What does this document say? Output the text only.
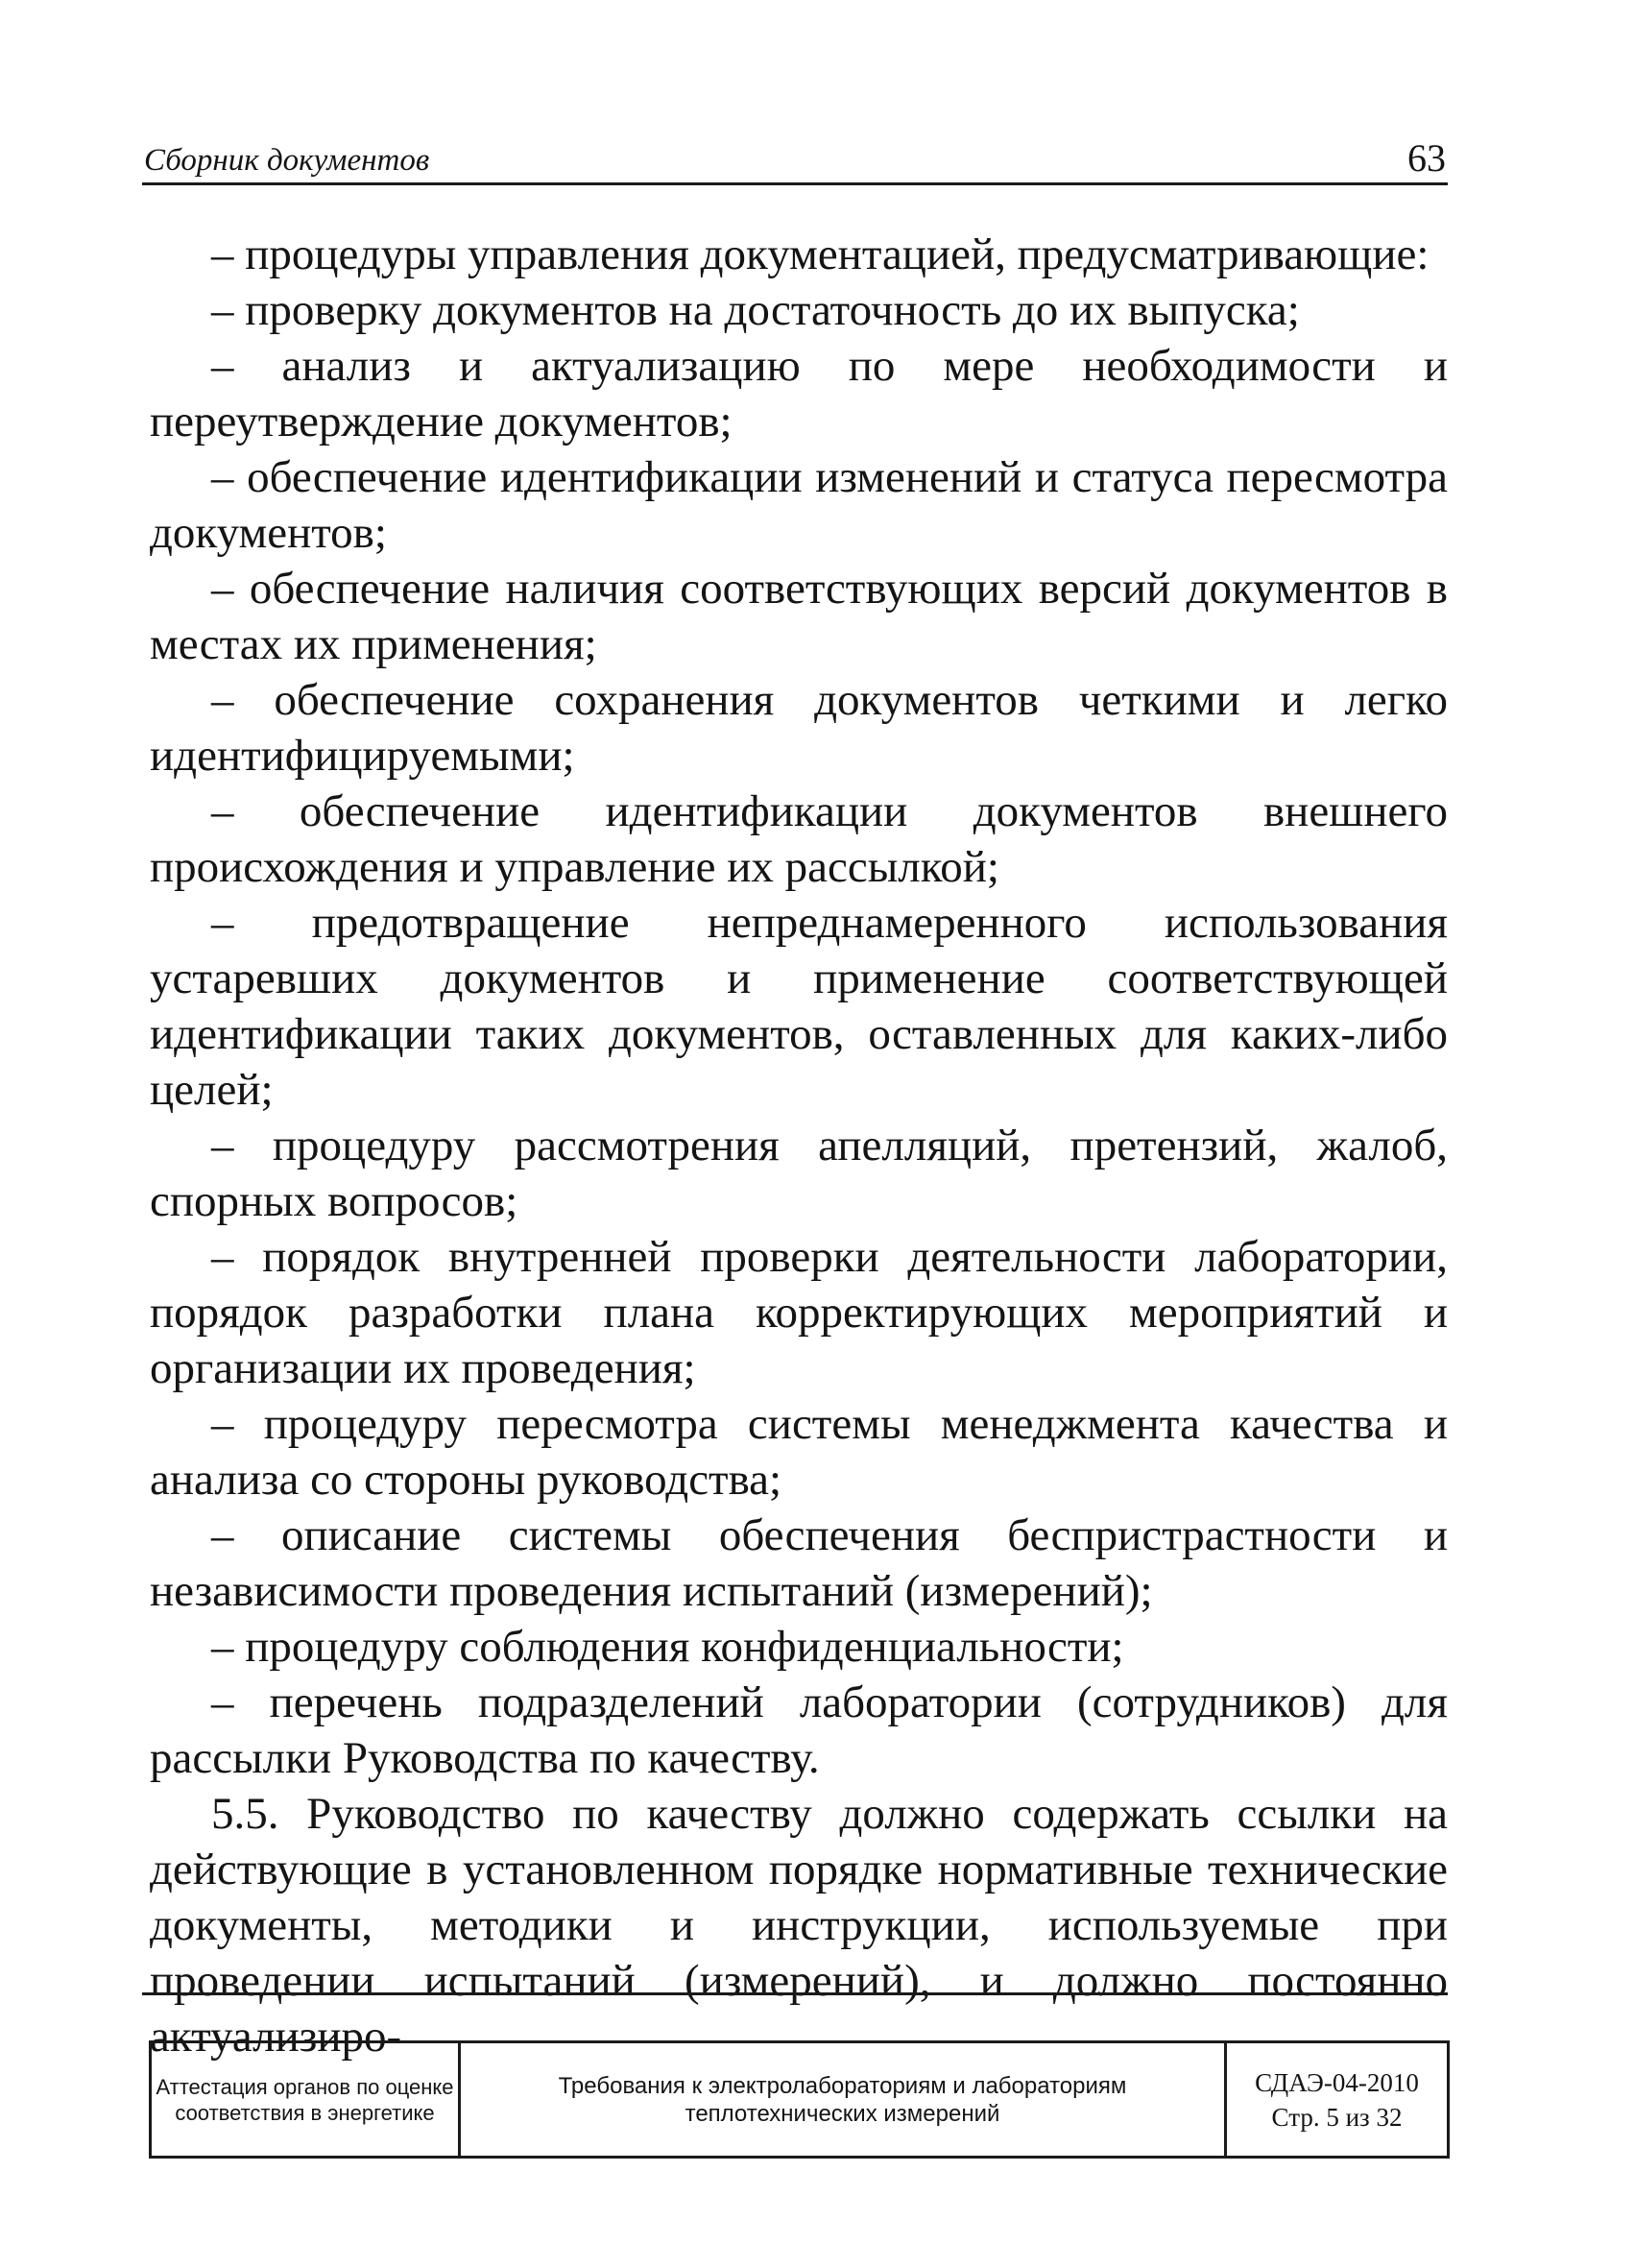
Сборник документов	63

– процедуры управления документацией, предусматривающие:

– проверку документов на достаточность до их выпуска;

– анализ и актуализацию по мере необходимости и переутверждение документов;

– обеспечение идентификации изменений и статуса пересмотра документов;

– обеспечение наличия соответствующих версий документов в местах их применения;

– обеспечение сохранения документов четкими и легко идентифицируемыми;

– обеспечение идентификации документов внешнего происхождения и управление их рассылкой;

– предотвращение непреднамеренного использования устаревших документов и применение соответствующей идентификации таких документов, оставленных для каких-либо целей;

– процедуру рассмотрения апелляций, претензий, жалоб, спорных вопросов;

– порядок внутренней проверки деятельности лаборатории, порядок разработки плана корректирующих мероприятий и организации их проведения;

– процедуру пересмотра системы менеджмента качества и анализа со стороны руководства;

– описание системы обеспечения беспристрастности и независимости проведения испытаний (измерений);

– процедуру соблюдения конфиденциальности;

– перечень подразделений лаборатории (сотрудников) для рассылки Руководства по качеству.

5.5. Руководство по качеству должно содержать ссылки на действующие в установленном порядке нормативные технические документы, методики и инструкции, используемые при проведении испытаний (измерений), и должно постоянно актуализиро-

Аттестация органов по оценке соответствия в энергетике
Требования к электролабораториям и лабораториям теплотехнических измерений
СДАЭ-04-2010
Стр. 5 из 32
